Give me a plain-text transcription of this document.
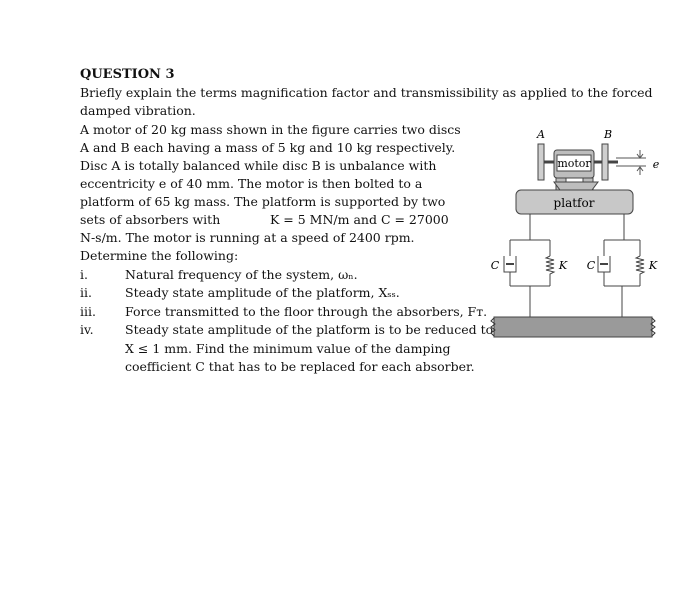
QUESTION 3
Briefly explain the terms magnification factor and transmissibility as applied to the forced
damped vibration.
A motor of 20 kg mass shown in the figure carries two discs
A and B each having a mass of 5 kg and 10 kg respectively.
Disc A is totally balanced while disc B is unbalance with
eccentricity e of 40 mm. The motor is then bolted to a
platform of 65 kg mass. The platform is supported by two
sets of absorbers with	K = 5 MN/m and C = 27000
N-s/m. The motor is running at a speed of 2400 rpm.
Determine the following:
i.	Natural frequency of the system, ωₙ.
ii.	Steady state amplitude of the platform, Xₛₛ.
iii. Force transmitted to the floor through the absorbers, Fᴛ.
iv.	Steady state amplitude of the platform is to be reduced to
X ≤ 1 mm. Find the minimum value of the damping
coefficient C that has to be replaced for each absorber.
platfor
A
motor
B
e
C	K C	K
